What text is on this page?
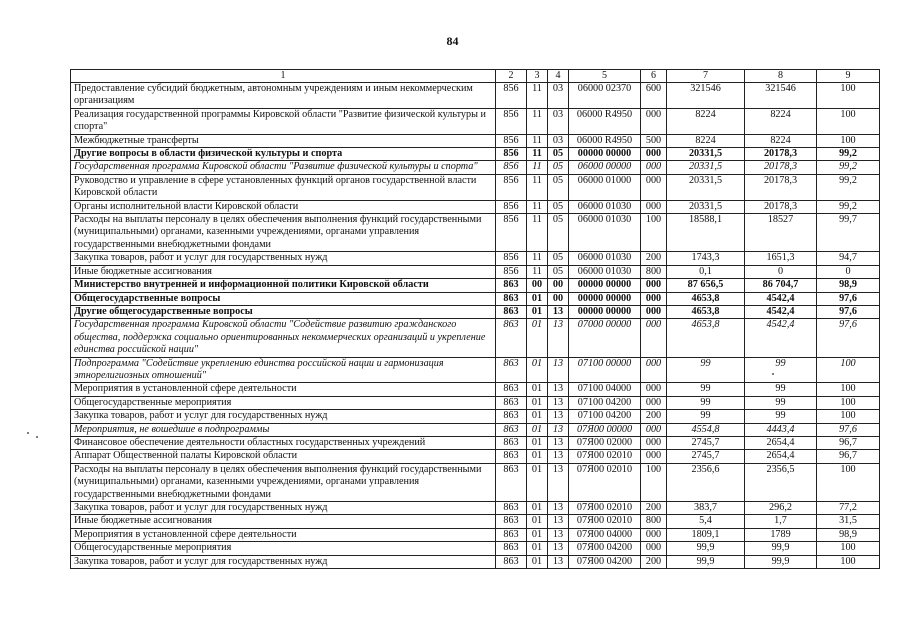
84
1	2	3	4	5	6	7	8	9
Предоставление субсидий бюджетным, автономным учреждениям и иным некоммерческим организациям	856	11	03	06000 02370	600	321546	321546	100
Реализация государственной программы Кировской области "Развитие физической культуры и спорта"	856	11	03	06000 R4950	000	8224	8224	100
Межбюджетные трансферты	856	11	03	06000 R4950	500	8224	8224	100
Другие вопросы в области физической культуры и спорта	856	11	05	00000 00000	000	20331,5	20178,3	99,2
Государственная программа Кировской области "Развитие физической культуры и спорта"	856	11	05	06000 00000	000	20331,5	20178,3	99,2
Руководство и управление в сфере установленных функций органов государственной власти Кировской области	856	11	05	06000 01000	000	20331,5	20178,3	99,2
Органы исполнительной власти Кировской области	856	11	05	06000 01030	000	20331,5	20178,3	99,2
Расходы на выплаты персоналу в целях обеспечения выполнения функций государственными (муниципальными) органами, казенными учреждениями, органами управления государственными внебюджетными фондами	856	11	05	06000 01030	100	18588,1	18527	99,7
Закупка товаров, работ и услуг для государственных нужд	856	11	05	06000 01030	200	1743,3	1651,3	94,7
Иные бюджетные ассигнования	856	11	05	06000 01030	800	0,1	0	0
Министерство внутренней и информационной политики Кировской области	863	00	00	00000 00000	000	87 656,5	86 704,7	98,9
Общегосударственные вопросы	863	01	00	00000 00000	000	4653,8	4542,4	97,6
Другие общегосударственные вопросы	863	01	13	00000 00000	000	4653,8	4542,4	97,6
Государственная программа Кировской области "Содействие развитию гражданского общества, поддержка социально ориентированных некоммерческих организаций и укрепление единства российской нации"	863	01	13	07000 00000	000	4653,8	4542,4	97,6
Подпрограмма "Содействие укреплению единства российской нации и гармонизация этнорелигиозных отношений"	863	01	13	07100 00000	000	99	99	100
Мероприятия в установленной сфере деятельности	863	01	13	07100 04000	000	99	99	100
Общегосударственные мероприятия	863	01	13	07100 04200	000	99	99	100
Закупка товаров, работ и услуг для государственных нужд	863	01	13	07100 04200	200	99	99	100
Мероприятия, не вошедшие в подпрограммы	863	01	13	07Я00 00000	000	4554,8	4443,4	97,6
Финансовое обеспечение деятельности областных государственных учреждений	863	01	13	07Я00 02000	000	2745,7	2654,4	96,7
Аппарат Общественной палаты Кировской области	863	01	13	07Я00 02010	000	2745,7	2654,4	96,7
Расходы на выплаты персоналу в целях обеспечения выполнения функций государственными (муниципальными) органами, казенными учреждениями, органами управления государственными внебюджетными фондами	863	01	13	07Я00 02010	100	2356,6	2356,5	100
Закупка товаров, работ и услуг для государственных нужд	863	01	13	07Я00 02010	200	383,7	296,2	77,2
Иные бюджетные ассигнования	863	01	13	07Я00 02010	800	5,4	1,7	31,5
Мероприятия в установленной сфере деятельности	863	01	13	07Я00 04000	000	1809,1	1789	98,9
Общегосударственные мероприятия	863	01	13	07Я00 04200	000	99,9	99,9	100
Закупка товаров, работ и услуг для государственных нужд	863	01	13	07Я00 04200	200	99,9	99,9	100
